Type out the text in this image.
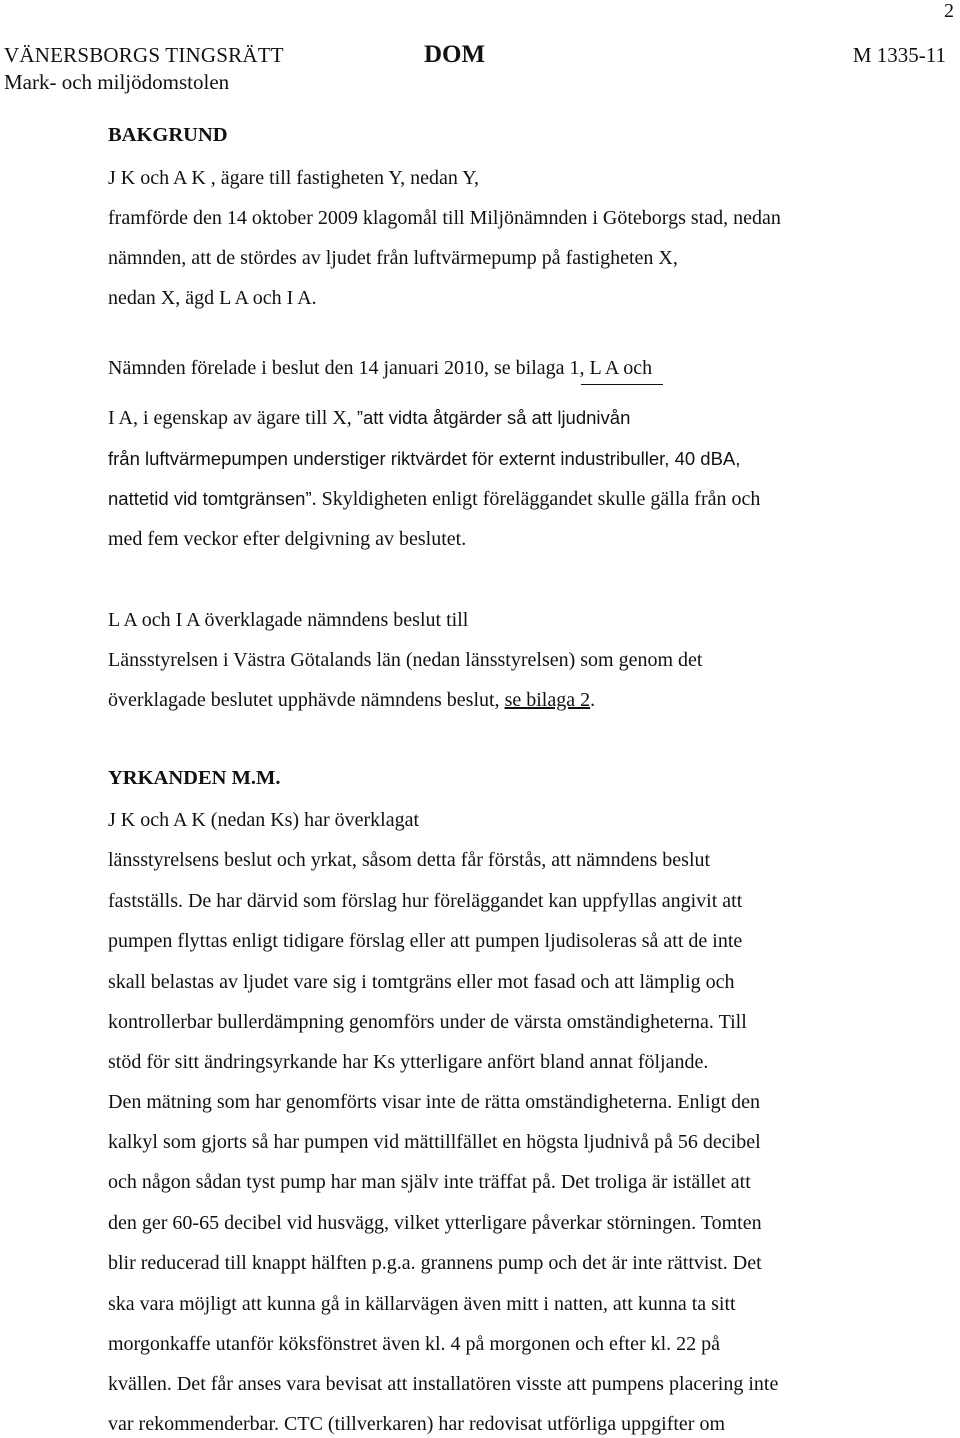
2
VÄNERSBORGS TINGSRÄTT
Mark- och miljödomstolen
DOM	M 1335-11
BAKGRUND
J K och A K , ägare till fastigheten Y, nedan Y,
framförde den 14 oktober 2009 klagomål till Miljönämnden i Göteborgs stad, nedan
nämnden, att de stördes av ljudet från luftvärmepump på fastigheten X,
nedan X, ägd L A och I A.
Nämnden förelade i beslut den 14 januari 2010, se bilaga 1, L A och
I A, i egenskap av ägare till X, ”att vidta åtgärder så att ljudnivån
från luftvärmepumpen understiger riktvärdet för externt industribuller, 40 dBA,
nattetid vid tomtgränsen”. Skyldigheten enligt föreläggandet skulle gälla från och
med fem veckor efter delgivning av beslutet.
L A och I A överklagade nämndens beslut till
Länsstyrelsen i Västra Götalands län (nedan länsstyrelsen) som genom det
överklagade beslutet upphävde nämndens beslut, se bilaga 2.
YRKANDEN M.M.
J K och A K (nedan Ks) har överklagat
länsstyrelsens beslut och yrkat, såsom detta får förstås, att nämndens beslut
fastställs. De har därvid som förslag hur föreläggandet kan uppfyllas angivit att
pumpen flyttas enligt tidigare förslag eller att pumpen ljudisoleras så att de inte
skall belastas av ljudet vare sig i tomtgräns eller mot fasad och att lämplig och
kontrollerbar bullerdämpning genomförs under de värsta omständigheterna. Till
stöd för sitt ändringsyrkande har Ks ytterligare anfört bland annat följande.
Den mätning som har genomförts visar inte de rätta omständigheterna. Enligt den
kalkyl som gjorts så har pumpen vid mättillfället en högsta ljudnivå på 56 decibel
och någon sådan tyst pump har man själv inte träffat på. Det troliga är istället att
den ger 60-65 decibel vid husvägg, vilket ytterligare påverkar störningen. Tomten
blir reducerad till knappt hälften p.g.a. grannens pump och det är inte rättvist. Det
ska vara möjligt att kunna gå in källarvägen även mitt i natten, att kunna ta sitt
morgonkaffe utanför köksfönstret även kl. 4 på morgonen och efter kl. 22 på
kvällen. Det får anses vara bevisat att installatören visste att pumpens placering inte
var rekommenderbar. CTC (tillverkaren) har redovisat utförliga uppgifter om
